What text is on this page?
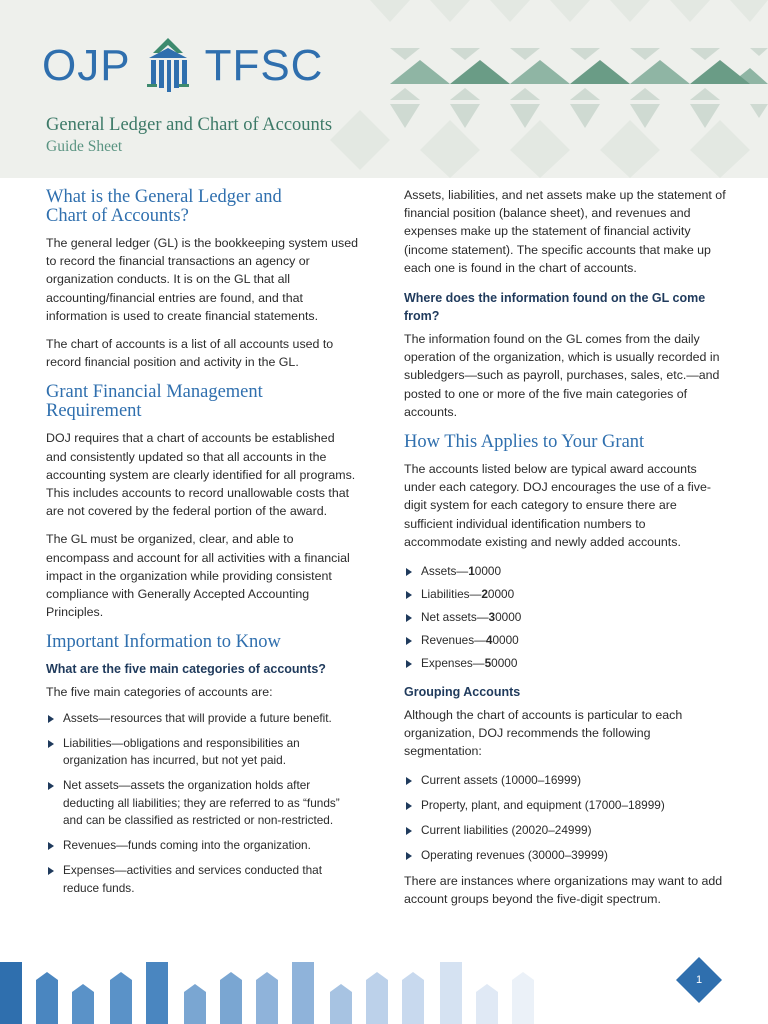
OJP TFSC
General Ledger and Chart of Accounts
Guide Sheet
What is the General Ledger and
Chart of Accounts?

The general ledger (GL) is the bookkeeping system used to record the financial transactions an agency or organization conducts. It is on the GL that all accounting/financial entries are found, and that information is used to create financial statements.

The chart of accounts is a list of all accounts used to record financial position and activity in the GL.

Grant Financial Management
Requirement

DOJ requires that a chart of accounts be established and consistently updated so that all accounts in the accounting system are clearly identified for all programs. This includes accounts to record unallowable costs that are not covered by the federal portion of the award.

The GL must be organized, clear, and able to encompass and account for all activities with a financial impact in the organization while providing consistent compliance with Generally Accepted Accounting Principles.

Important Information to Know
What are the five main categories of accounts?

The five main categories of accounts are:

Assets—resources that will provide a future benefit.
Liabilities—obligations and responsibilities an organization has incurred, but not yet paid.
Net assets—assets the organization holds after deducting all liabilities; they are referred to as “funds” and can be classified as restricted or non-restricted.
Revenues—funds coming into the organization.
Expenses—activities and services conducted that reduce funds.

Assets, liabilities, and net assets make up the statement of financial position (balance sheet), and revenues and expenses make up the statement of financial activity (income statement). The specific accounts that make up each one is found in the chart of accounts.

Where does the information found on the GL come from?

The information found on the GL comes from the daily operation of the organization, which is usually recorded in subledgers—such as payroll, purchases, sales, etc.—and posted to one or more of the five main categories of accounts.

How This Applies to Your Grant

The accounts listed below are typical award accounts under each category. DOJ encourages the use of a five-digit system for each category to ensure there are sufficient individual identification numbers to accommodate existing and newly added accounts.

Assets—10000
Liabilities—20000
Net assets—30000
Revenues—40000
Expenses—50000
Grouping Accounts

Although the chart of accounts is particular to each organization, DOJ recommends the following segmentation:

Current assets (10000–16999)
Property, plant, and equipment (17000–18999)
Current liabilities (20020–24999)
Operating revenues (30000–39999)

There are instances where organizations may want to add account groups beyond the five-digit spectrum.

1
